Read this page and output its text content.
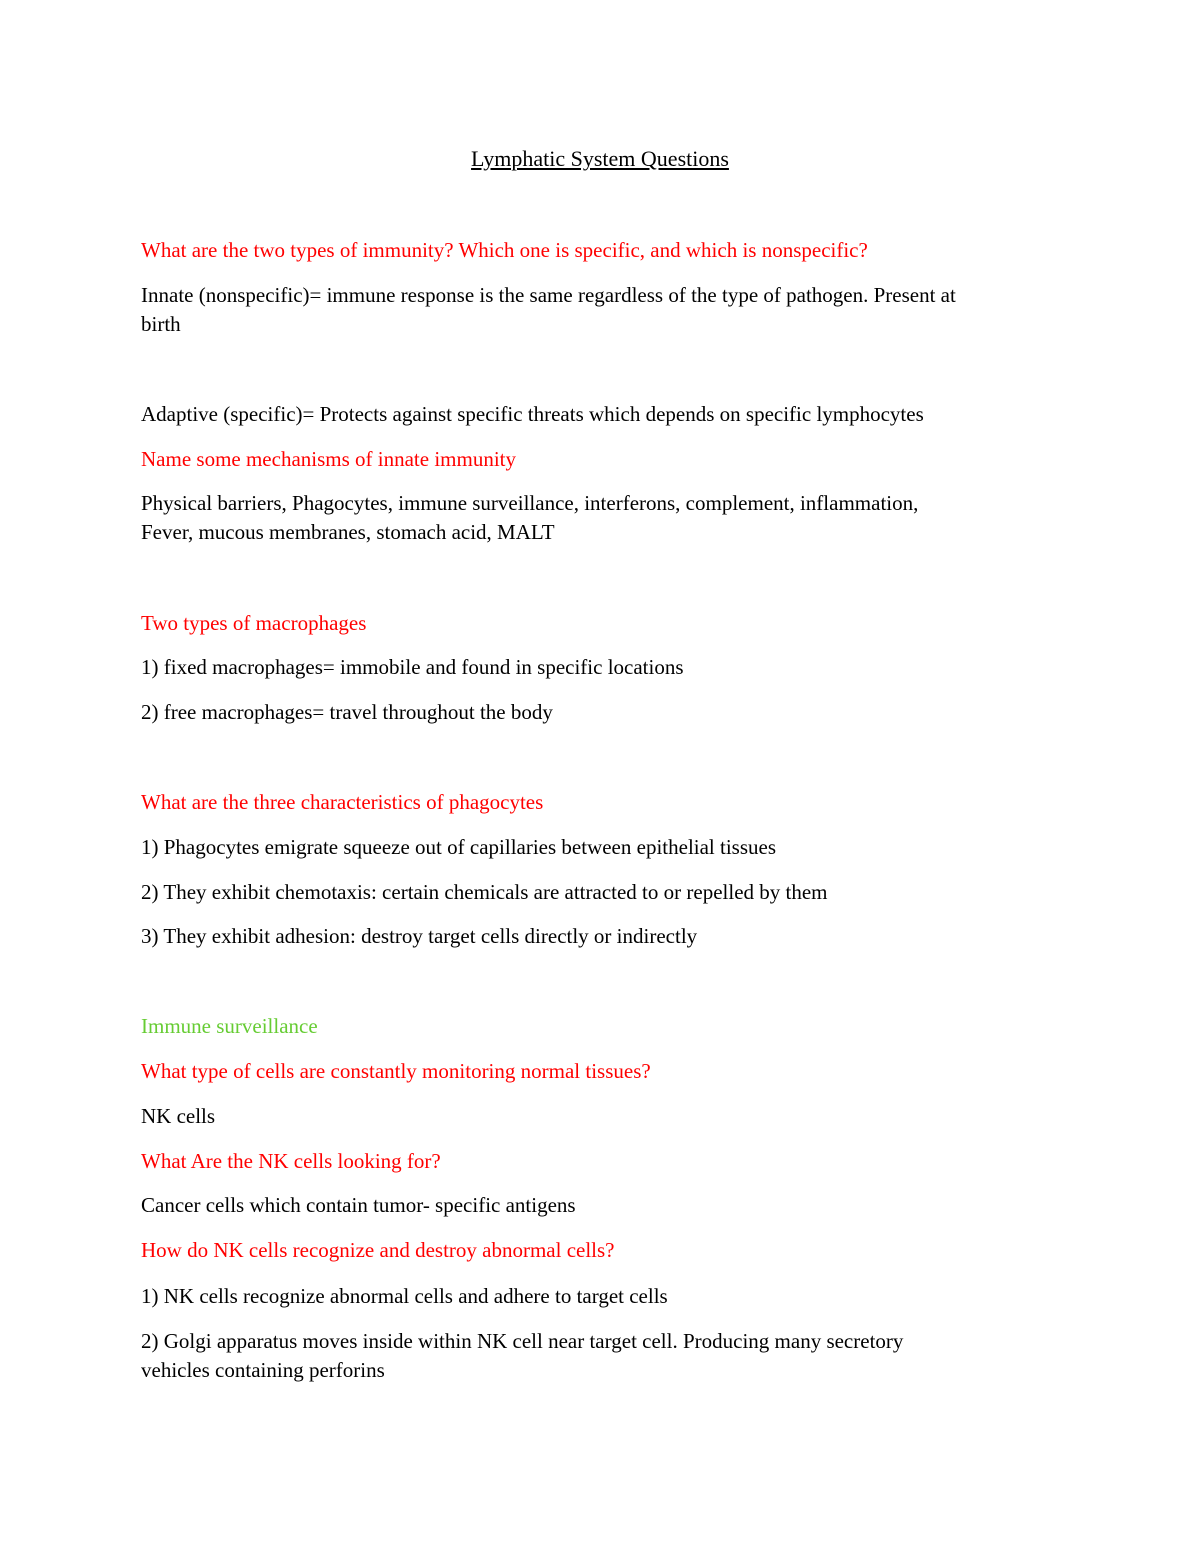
Lymphatic System Questions
What are the two types of immunity? Which one is specific, and which is nonspecific?
Innate (nonspecific)= immune response is the same regardless of the type of pathogen. Present at
birth
Adaptive (specific)= Protects against specific threats which depends on specific lymphocytes
Name some mechanisms of innate immunity
Physical barriers, Phagocytes, immune surveillance, interferons, complement, inflammation,
Fever, mucous membranes, stomach acid, MALT
Two types of macrophages
1) fixed macrophages= immobile and found in specific locations
2) free macrophages= travel throughout the body
What are the three characteristics of phagocytes
1) Phagocytes emigrate squeeze out of capillaries between epithelial tissues
2) They exhibit chemotaxis: certain chemicals are attracted to or repelled by them
3) They exhibit adhesion: destroy target cells directly or indirectly
Immune surveillance
What type of cells are constantly monitoring normal tissues?
NK cells
What Are the NK cells looking for?
Cancer cells which contain tumor- specific antigens
How do NK cells recognize and destroy abnormal cells?
1) NK cells recognize abnormal cells and adhere to target cells
2) Golgi apparatus moves inside within NK cell near target cell. Producing many secretory
vehicles containing perforins
